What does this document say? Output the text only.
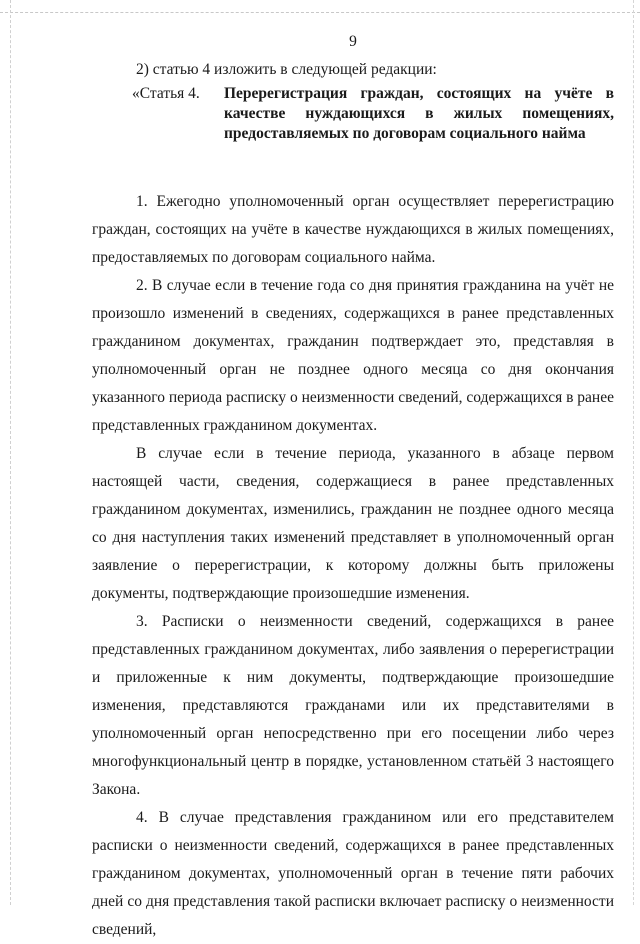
9

2) статью 4 изложить в следующей редакции:

«Статья 4.	Перерегистрация граждан, состоящих на учёте в качестве нуждающихся в жилых помещениях, предоставляемых по договорам социального найма

1. Ежегодно уполномоченный орган осуществляет перерегистрацию граждан, состоящих на учёте в качестве нуждающихся в жилых помещениях, предоставляемых по договорам социального найма.

2. В случае если в течение года со дня принятия гражданина на учёт не произошло изменений в сведениях, содержащихся в ранее представленных гражданином документах, гражданин подтверждает это, представляя в уполномоченный орган не позднее одного месяца со дня окончания указанного периода расписку о неизменности сведений, содержащихся в ранее представленных гражданином документах.

В случае если в течение периода, указанного в абзаце первом настоящей части, сведения, содержащиеся в ранее представленных гражданином документах, изменились, гражданин не позднее одного месяца со дня наступления таких изменений представляет в уполномоченный орган заявление о перерегистрации, к которому должны быть приложены документы, подтверждающие произошедшие изменения.

3. Расписки о неизменности сведений, содержащихся в ранее представленных гражданином документах, либо заявления о перерегистрации и приложенные к ним документы, подтверждающие произошедшие изменения, представляются гражданами или их представителями в уполномоченный орган непосредственно при его посещении либо через многофункциональный центр в порядке, установленном статьёй 3 настоящего Закона.

4. В случае представления гражданином или его представителем расписки о неизменности сведений, содержащихся в ранее представленных гражданином документах, уполномоченный орган в течение пяти рабочих дней со дня представления такой расписки включает расписку о неизменности сведений,
